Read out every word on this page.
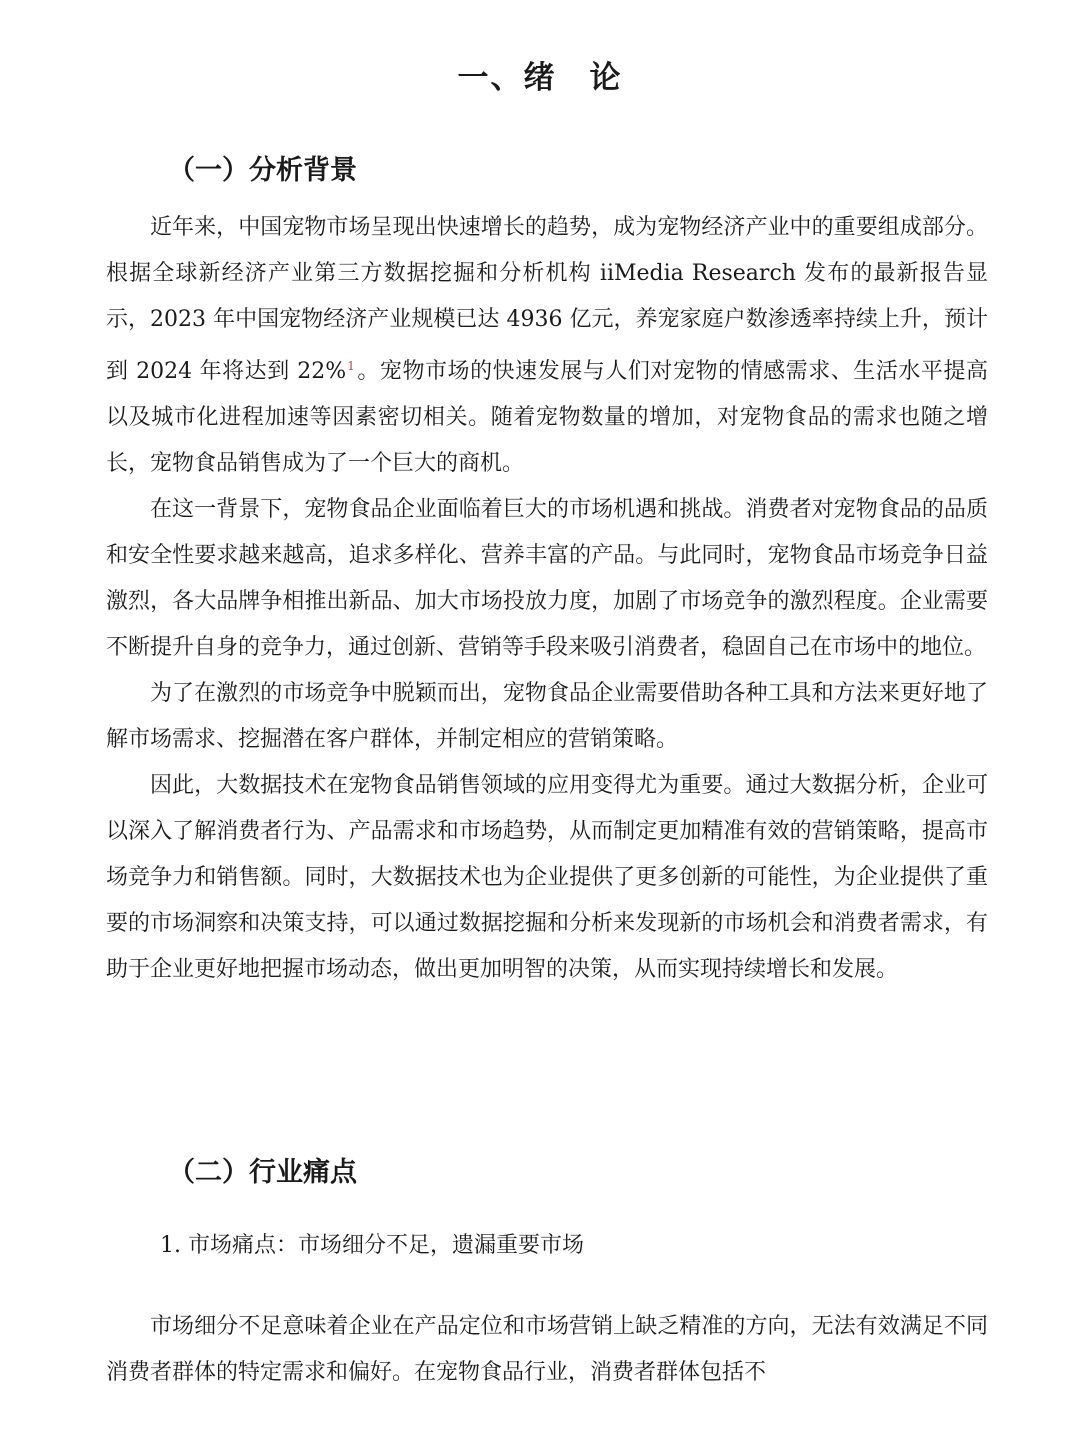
一、绪　论
（一）分析背景

近年来，中国宠物市场呈现出快速增长的趋势，成为宠物经济产业中的重要组成部分。根据全球新经济产业第三方数据挖掘和分析机构 iiMedia Research 发布的最新报告显示，2023 年中国宠物经济产业规模已达 4936 亿元，养宠家庭户数渗透率持续上升，预计到 2024 年将达到 22%$^1$。宠物市场的快速发展与人们对宠物的情感需求、生活水平提高以及城市化进程加速等因素密切相关。随着宠物数量的增加，对宠物食品的需求也随之增长，宠物食品销售成为了一个巨大的商机。

在这一背景下，宠物食品企业面临着巨大的市场机遇和挑战。消费者对宠物食品的品质和安全性要求越来越高，追求多样化、营养丰富的产品。与此同时，宠物食品市场竞争日益激烈，各大品牌争相推出新品、加大市场投放力度，加剧了市场竞争的激烈程度。企业需要不断提升自身的竞争力，通过创新、营销等手段来吸引消费者，稳固自己在市场中的地位。

为了在激烈的市场竞争中脱颖而出，宠物食品企业需要借助各种工具和方法来更好地了解市场需求、挖掘潜在客户群体，并制定相应的营销策略。

因此，大数据技术在宠物食品销售领域的应用变得尤为重要。通过大数据分析，企业可以深入了解消费者行为、产品需求和市场趋势，从而制定更加精准有效的营销策略，提高市场竞争力和销售额。同时，大数据技术也为企业提供了更多创新的可能性，为企业提供了重要的市场洞察和决策支持，可以通过数据挖掘和分析来发现新的市场机会和消费者需求，有助于企业更好地把握市场动态，做出更加明智的决策，从而实现持续增长和发展。

（二）行业痛点

1. 市场痛点：市场细分不足，遗漏重要市场

市场细分不足意味着企业在产品定位和市场营销上缺乏精准的方向，无法有效满足不同消费者群体的特定需求和偏好。在宠物食品行业，消费者群体包括不
